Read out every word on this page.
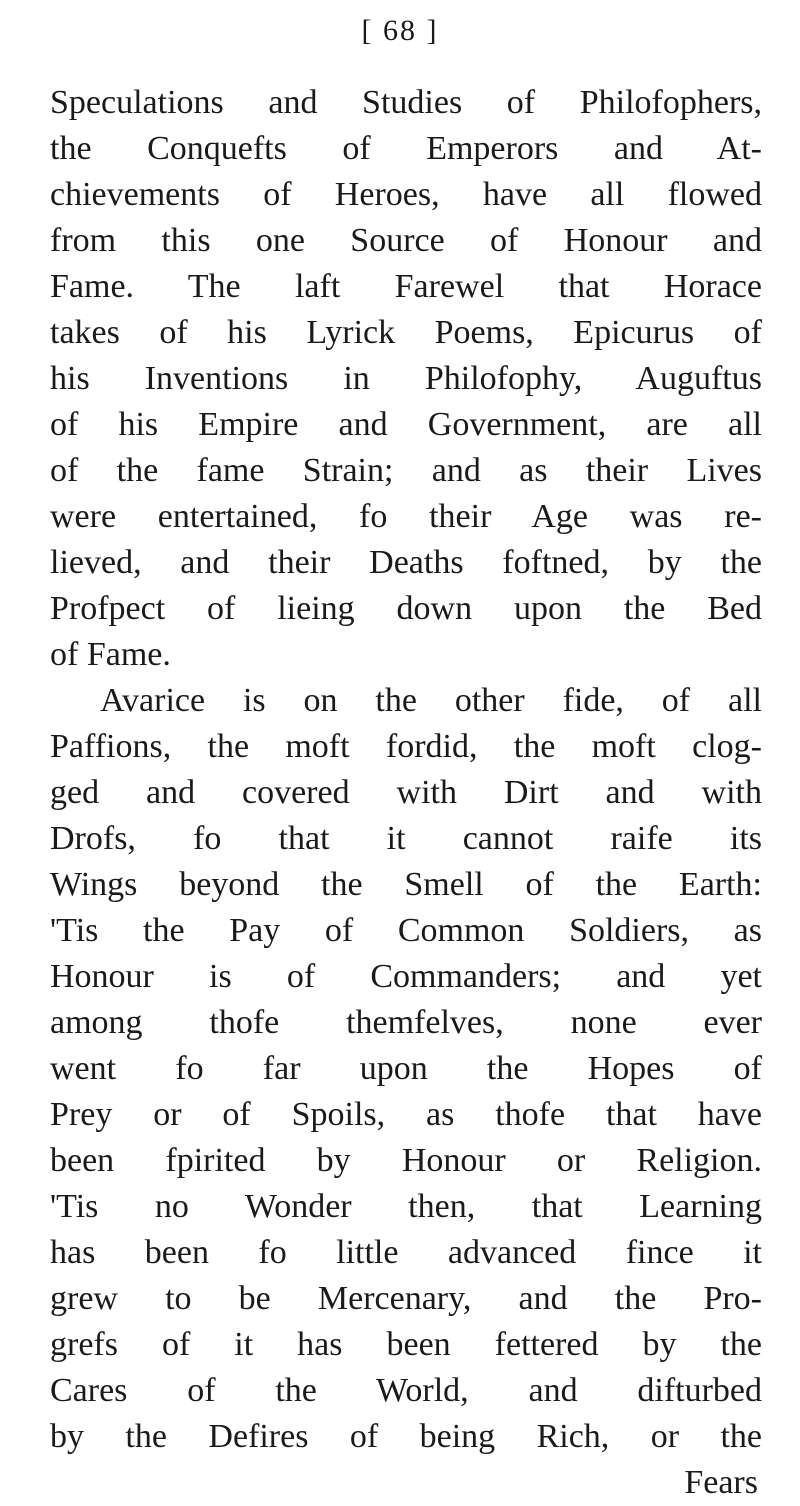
[ 68 ]
Speculations and Studies of Philofophers,
the Conquefts of Emperors and At-
chievements of Heroes, have all flowed
from this one Source of Honour and
Fame. The laft Farewel that Horace
takes of his Lyrick Poems, Epicurus of
his Inventions in Philofophy, Auguftus
of his Empire and Government, are all
of the fame Strain; and as their Lives
were entertained, fo their Age was re-
lieved, and their Deaths foftned, by the
Profpect of lieing down upon the Bed
of Fame.
Avarice is on the other fide, of all
Paffions, the moft fordid, the moft clog-
ged and covered with Dirt and with
Drofs, fo that it cannot raife its
Wings beyond the Smell of the Earth:
'Tis the Pay of Common Soldiers, as
Honour is of Commanders; and yet
among thofe themfelves, none ever
went fo far upon the Hopes of
Prey or of Spoils, as thofe that have
been fpirited by Honour or Religion.
'Tis no Wonder then, that Learning
has been fo little advanced fince it
grew to be Mercenary, and the Pro-
grefs of it has been fettered by the
Cares of the World, and difturbed
by the Defires of being Rich, or the
Fears
